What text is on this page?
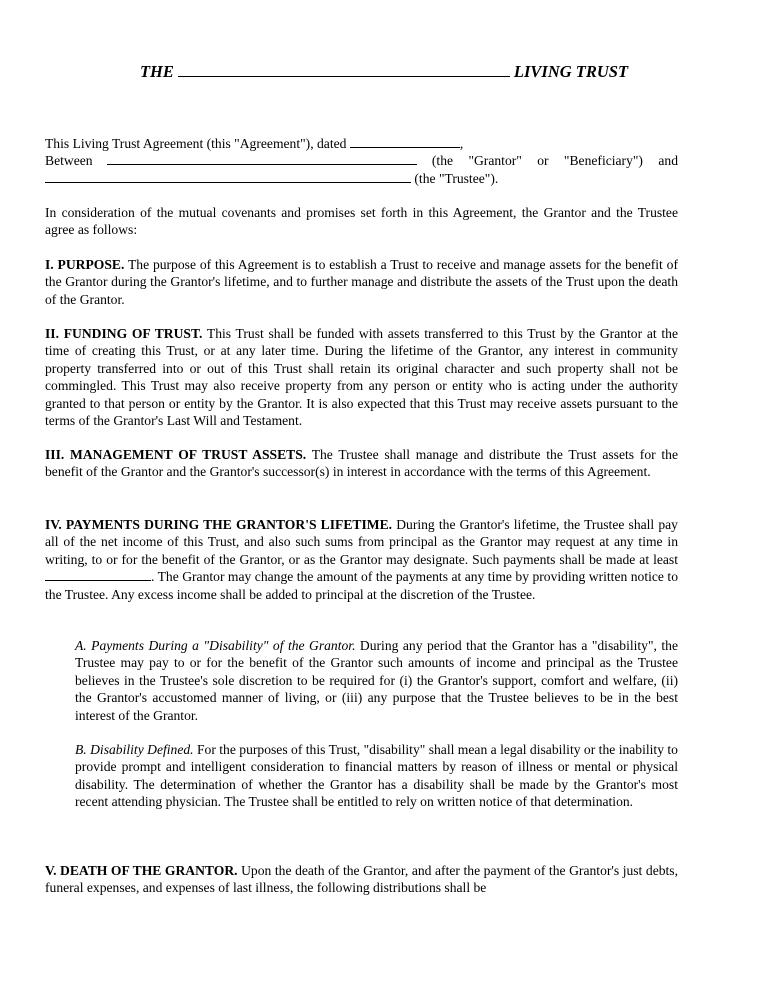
THE	LIVING TRUST
This Living Trust Agreement (this "Agreement"), dated	,
Between	(the "Grantor" or "Beneficiary") and
(the "Trustee").
In consideration of the mutual covenants and promises set forth in this Agreement, the Grantor and the Trustee agree as follows:
I. PURPOSE. The purpose of this Agreement is to establish a Trust to receive and manage assets for the benefit of the Grantor during the Grantor's lifetime, and to further manage and distribute the assets of the Trust upon the death of the Grantor.
II. FUNDING OF TRUST. This Trust shall be funded with assets transferred to this Trust by the Grantor at the time of creating this Trust, or at any later time. During the lifetime of the Grantor, any interest in community property transferred into or out of this Trust shall retain its original character and such property shall not be commingled. This Trust may also receive property from any person or entity who is acting under the authority granted to that person or entity by the Grantor. It is also expected that this Trust may receive assets pursuant to the terms of the Grantor's Last Will and Testament.
III. MANAGEMENT OF TRUST ASSETS. The Trustee shall manage and distribute the Trust assets for the benefit of the Grantor and the Grantor's successor(s) in interest in accordance with the terms of this Agreement.
IV. PAYMENTS DURING THE GRANTOR'S LIFETIME. During the Grantor's lifetime, the Trustee shall pay all of the net income of this Trust, and also such sums from principal as the Grantor may request at any time in writing, to or for the benefit of the Grantor, or as the Grantor may designate. Such payments shall be made at least . The Grantor may change the amount of the payments at any time by providing written notice to the Trustee. Any excess income shall be added to principal at the discretion of the Trustee.
A. Payments During a "Disability" of the Grantor. During any period that the Grantor has a "disability", the Trustee may pay to or for the benefit of the Grantor such amounts of income and principal as the Trustee believes in the Trustee's sole discretion to be required for (i) the Grantor's support, comfort and welfare, (ii) the Grantor's accustomed manner of living, or (iii) any purpose that the Trustee believes to be in the best interest of the Grantor.
B. Disability Defined. For the purposes of this Trust, "disability" shall mean a legal disability or the inability to provide prompt and intelligent consideration to financial matters by reason of illness or mental or physical disability. The determination of whether the Grantor has a disability shall be made by the Grantor's most recent attending physician. The Trustee shall be entitled to rely on written notice of that determination.
V. DEATH OF THE GRANTOR. Upon the death of the Grantor, and after the payment of the Grantor's just debts, funeral expenses, and expenses of last illness, the following distributions shall be
